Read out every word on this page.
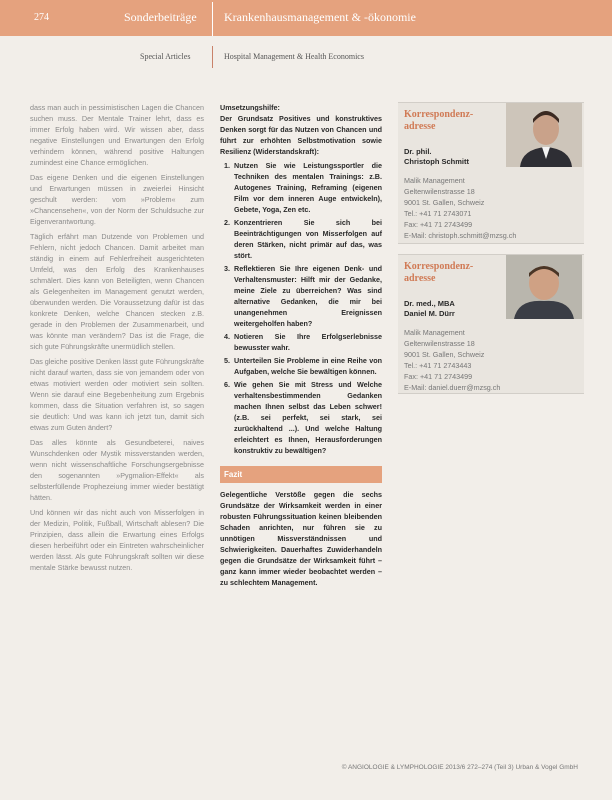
274	Sonderbeiträge Krankenhausmanagement & -ökonomie
Special Articles	Hospital Management & Health Economics

dass man auch in pessimistischen Lagen die Chancen suchen muss. Der Mentale Trainer lehrt, dass es immer Erfolg haben wird. Wir wissen aber, dass negative Einstellungen und Erwartungen den Erfolg verhindern können, während positive Haltungen zumindest eine Chance ermöglichen.

Das eigene Denken und die eigenen Einstellungen und Erwartungen müssen in zweierlei Hinsicht geschult werden: vom »Problem« zum »Chancensehen«, von der Norm der Schuldsuche zur Eigenverantwortung.

Täglich erfährt man Dutzende von Problemen und Fehlern, nicht jedoch Chancen. Damit arbeitet man ständig in einem auf Fehlerfreiheit ausgerichteten Umfeld, was den Erfolg des Krankenhauses schmälert. Dies kann von Beteiligten, wenn Chancen als Gelegenheiten im Management genutzt werden, überwunden werden. Die Voraussetzung dafür ist das konkrete Denken, welche Chancen stecken z.B. gerade in den Problemen der Zusammenarbeit, und was könnte man verändern? Das ist die Frage, die sich gute Führungskräfte unermüdlich stellen.

Das gleiche positive Denken lässt gute Führungskräfte nicht darauf warten, dass sie von jemandem oder von etwas motiviert werden oder motiviert sein sollten. Wenn sie darauf eine Begebenheitung zum Ergebnis kommen, dass die Situation verfahren ist, so sagen sie deutlich: Und was kann ich jetzt tun, damit sich etwas zum Guten ändert?

Das alles könnte als Gesundbeterei, naives Wunschdenken oder Mystik missverstanden werden, wenn nicht wissenschaftliche Forschungsergebnisse den sogenannten »Pygmalion-Effekt« als selbsterfüllende Prophezeiung immer wieder bestätigt hätten.

Und können wir das nicht auch von Misserfolgen in der Medizin, Politik, Fußball, Wirtschaft ablesen? Die Prinzipien, dass allein die Erwartung eines Erfolgs diesen herbeiführt oder ein Eintreten wahrscheinlicher werden lässt. Als gute Führungskraft sollten wir diese mentale Stärke bewusst nutzen.

Umsetzungshilfe:

Der Grundsatz Positives und konstruktives Denken sorgt für das Nutzen von Chancen und führt zur erhöhten Selbstmotivation sowie Resilienz (Widerstandskraft):

1. Nutzen Sie wie Leistungssportler die Techniken des mentalen Trainings: z.B. Autogenes Training, Reframing (eigenen Film vor dem inneren Auge entwickeln), Gebete, Yoga, Zen etc.
2. Konzentrieren Sie sich bei Beeinträchtigungen von Misserfolgen auf deren Stärken, nicht primär auf das, was stört.
3. Reflektieren Sie Ihre eigenen Denk- und Verhaltensmuster: Hilft mir der Gedanke, meine Ziele zu überreichen? Was sind alternative Gedanken, die mir bei unangenehmen Ereignissen weitergeholfen haben?
4. Notieren Sie Ihre Erfolgserlebnisse bewusster wahr.
5. Unterteilen Sie Probleme in eine Reihe von Aufgaben, welche Sie bewältigen können.
6. Wie gehen Sie mit Stress und Welche verhaltensbestimmenden Gedanken machen Ihnen selbst das Leben schwer! (z.B. sei perfekt, sei stark, sei zurückhaltend ...). Und welche Haltung erleichtert es Ihnen, Herausforderungen konstruktiv zu bewältigen?
Fazit

Gelegentliche Verstöße gegen die sechs Grundsätze der Wirksamkeit werden in einer robusten Führungssituation keinen bleibenden Schaden anrichten, nur führen sie zu unnötigen Missverständnissen und Schwierigkeiten. Dauerhaftes Zuwiderhandeln gegen die Grundsätze der Wirksamkeit führt – ganz kann immer wieder beobachtet werden – zu schlechtem Management.

Korrespondenz-
adresse
Dr. phil.
Christoph Schmitt
Malik Management
Geltenwilenstrasse 18
9001 St. Gallen, Schweiz
Tel.: +41 71 2743071
Fax: +41 71 2743499
E-Mail: christoph.schmitt@mzsg.ch
Korrespondenz-
adresse
Dr. med., MBA
Daniel M. Dürr
Malik Management
Geltenwilenstrasse 18
9001 St. Gallen, Schweiz
Tel.: +41 71 2743443
Fax: +41 71 2743499
E-Mail: daniel.duerr@mzsg.ch
© ANGIOLOGIE & LYMPHOLOGIE 2013/6 272–274 (Teil 3) Urban & Vogel GmbH
